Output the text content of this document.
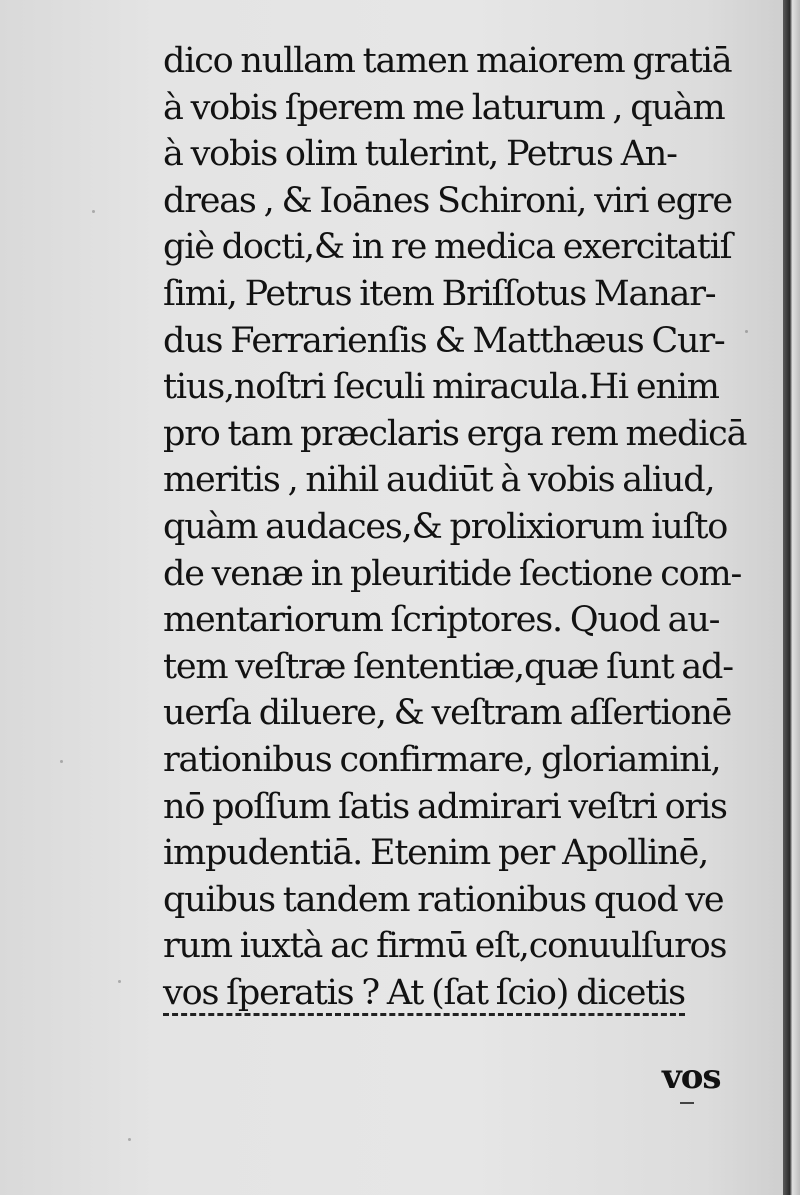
dico nullam tamen maiorem gratiā
à vobis ſperem me laturum , quàm
à vobis olim tulerint, Petrus An-
dreas , & Ioānes Schironi, viri egre
giè docti,& in re medica exercitatiſ
ſimi, Petrus item Briſſotus Manar-
dus Ferrarienſis & Matthæus Cur-
tius,noſtri ſeculi miracula.Hi enim
pro tam præclaris erga rem medicā
meritis , nihil audiūt à vobis aliud,
quàm audaces,& prolixiorum iuſto
de venæ in pleuritide ſectione com-
mentariorum ſcriptores. Quod au-
tem veſtræ ſententiæ,quæ ſunt ad-
uerſa diluere, & veſtram aſſertionē
rationibus confirmare, gloriamini,
nō poſſum ſatis admirari veſtri oris
impudentiā. Etenim per Apollinē,
quibus tandem rationibus quod ve
rum iuxtà ac firmū eſt,conuulſuros
vos ſperatis ? At (ſat ſcio) dicetis
vos
